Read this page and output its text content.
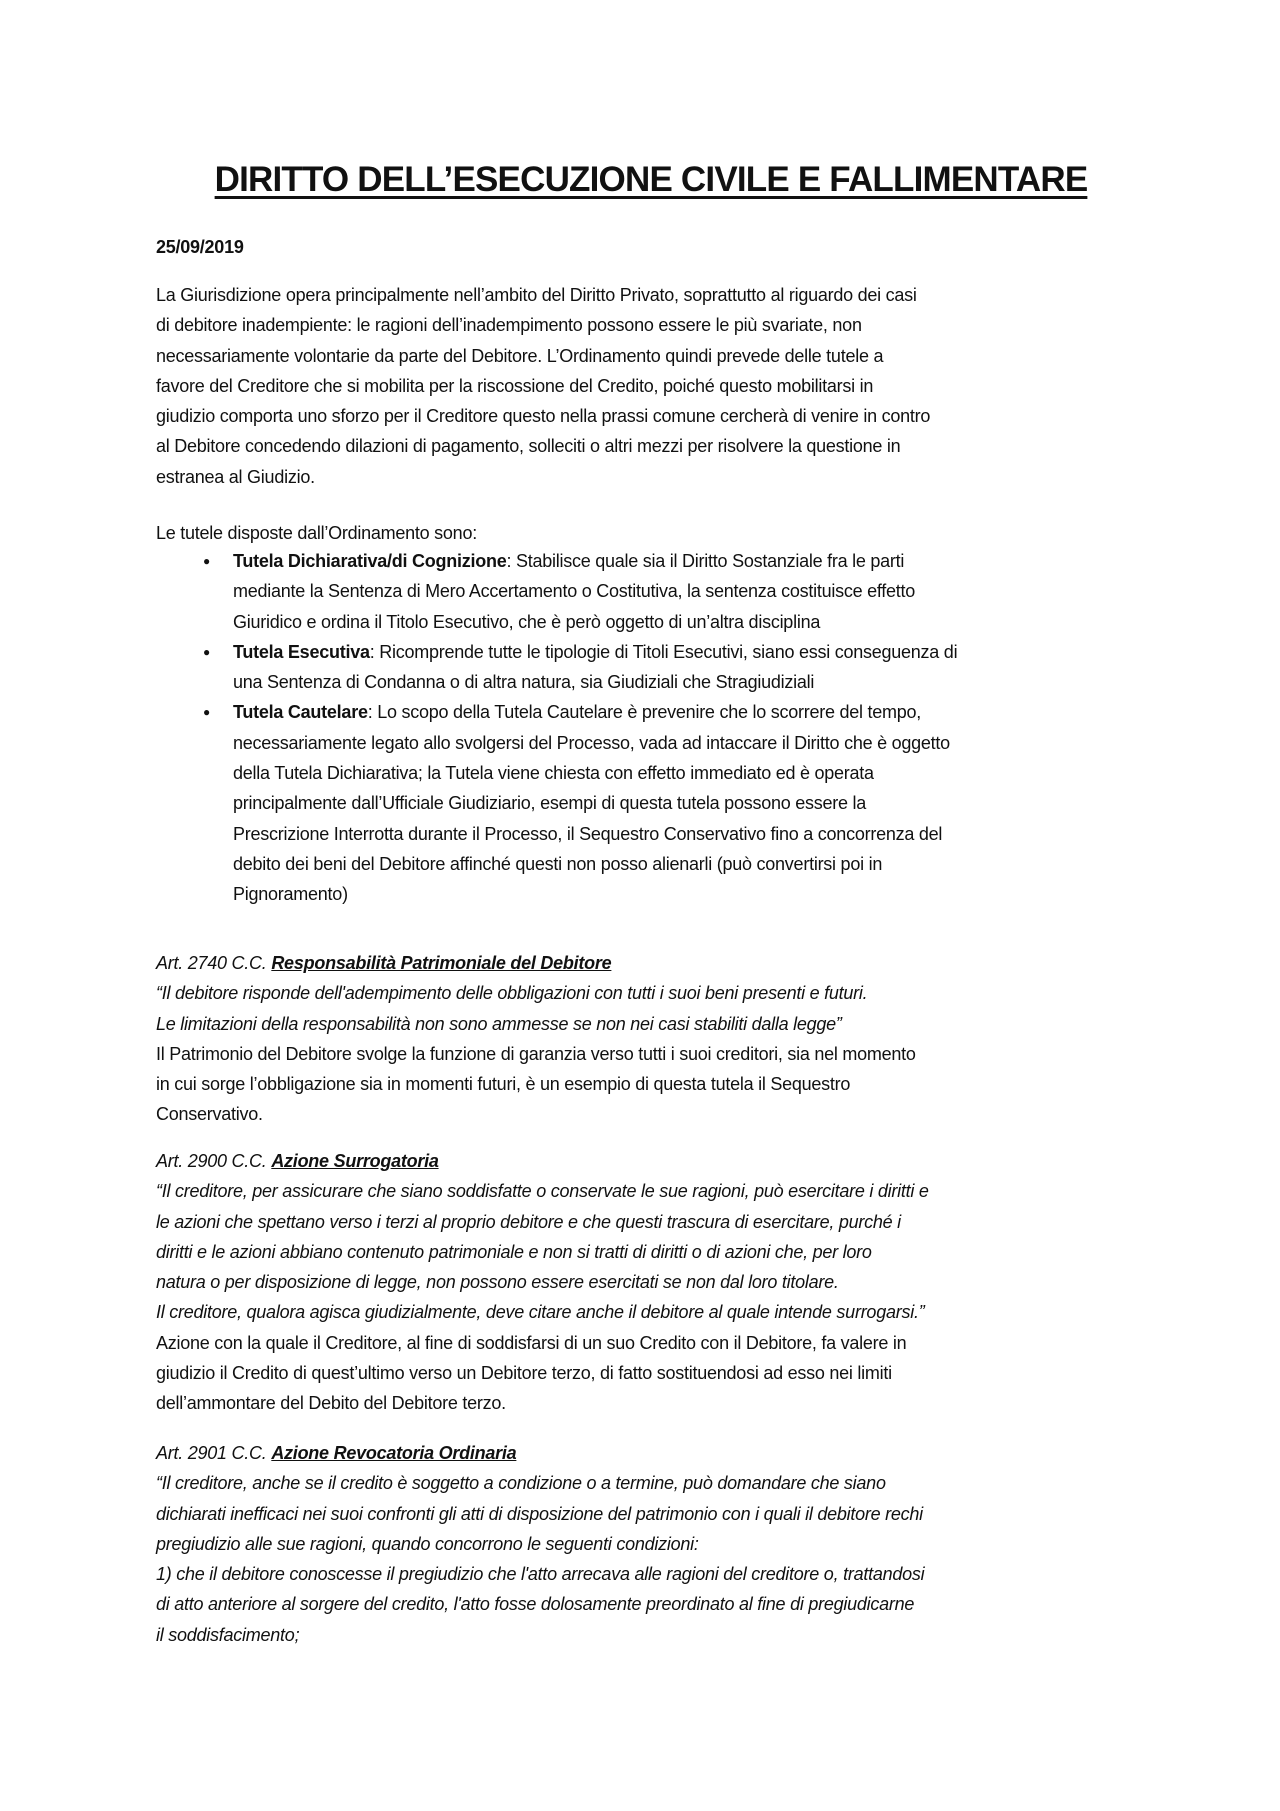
DIRITTO DELL’ESECUZIONE CIVILE E FALLIMENTARE
25/09/2019
La Giurisdizione opera principalmente nell’ambito del Diritto Privato, soprattutto al riguardo dei casi
di debitore inadempiente: le ragioni dell’inadempimento possono essere le più svariate, non
necessariamente volontarie da parte del Debitore. L’Ordinamento quindi prevede delle tutele a
favore del Creditore che si mobilita per la riscossione del Credito, poiché questo mobilitarsi in
giudizio comporta uno sforzo per il Creditore questo nella prassi comune cercherà di venire in contro
al Debitore concedendo dilazioni di pagamento, solleciti o altri mezzi per risolvere la questione in
estranea al Giudizio.
Le tutele disposte dall’Ordinamento sono:
● Tutela Dichiarativa/di Cognizione: Stabilisce quale sia il Diritto Sostanziale fra le parti
mediante la Sentenza di Mero Accertamento o Costitutiva, la sentenza costituisce effetto
Giuridico e ordina il Titolo Esecutivo, che è però oggetto di un’altra disciplina
● Tutela Esecutiva: Ricomprende tutte le tipologie di Titoli Esecutivi, siano essi conseguenza di
una Sentenza di Condanna o di altra natura, sia Giudiziali che Stragiudiziali
● Tutela Cautelare: Lo scopo della Tutela Cautelare è prevenire che lo scorrere del tempo,
necessariamente legato allo svolgersi del Processo, vada ad intaccare il Diritto che è oggetto
della Tutela Dichiarativa; la Tutela viene chiesta con effetto immediato ed è operata
principalmente dall’Ufficiale Giudiziario, esempi di questa tutela possono essere la
Prescrizione Interrotta durante il Processo, il Sequestro Conservativo fino a concorrenza del
debito dei beni del Debitore affinché questi non posso alienarli (può convertirsi poi in
Pignoramento)
Art. 2740 C.C. Responsabilità Patrimoniale del Debitore
“Il debitore risponde dell'adempimento delle obbligazioni con tutti i suoi beni presenti e futuri.
Le limitazioni della responsabilità non sono ammesse se non nei casi stabiliti dalla legge”
Il Patrimonio del Debitore svolge la funzione di garanzia verso tutti i suoi creditori, sia nel momento
in cui sorge l’obbligazione sia in momenti futuri, è un esempio di questa tutela il Sequestro
Conservativo.
Art. 2900 C.C. Azione Surrogatoria
“Il creditore, per assicurare che siano soddisfatte o conservate le sue ragioni, può esercitare i diritti e
le azioni che spettano verso i terzi al proprio debitore e che questi trascura di esercitare, purché i
diritti e le azioni abbiano contenuto patrimoniale e non si tratti di diritti o di azioni che, per loro
natura o per disposizione di legge, non possono essere esercitati se non dal loro titolare.
Il creditore, qualora agisca giudizialmente, deve citare anche il debitore al quale intende surrogarsi.”
Azione con la quale il Creditore, al fine di soddisfarsi di un suo Credito con il Debitore, fa valere in
giudizio il Credito di quest’ultimo verso un Debitore terzo, di fatto sostituendosi ad esso nei limiti
dell’ammontare del Debito del Debitore terzo.
Art. 2901 C.C. Azione Revocatoria Ordinaria
“Il creditore, anche se il credito è soggetto a condizione o a termine, può domandare che siano
dichiarati inefficaci nei suoi confronti gli atti di disposizione del patrimonio con i quali il debitore rechi
pregiudizio alle sue ragioni, quando concorrono le seguenti condizioni:
1) che il debitore conoscesse il pregiudizio che l'atto arrecava alle ragioni del creditore o, trattandosi
di atto anteriore al sorgere del credito, l'atto fosse dolosamente preordinato al fine di pregiudicarne
il soddisfacimento;
